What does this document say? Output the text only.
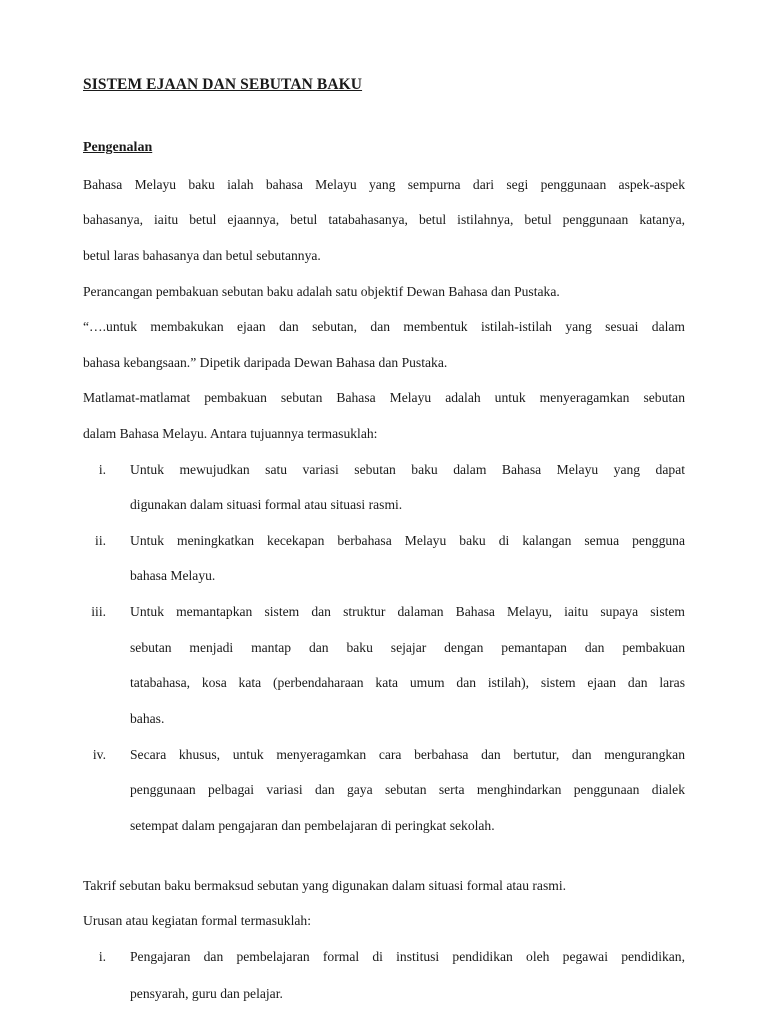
SISTEM EJAAN DAN SEBUTAN BAKU
Pengenalan
Bahasa Melayu baku ialah bahasa Melayu yang sempurna dari segi penggunaan aspek-aspek
bahasanya, iaitu betul ejaannya, betul tatabahasanya, betul istilahnya, betul penggunaan katanya,
betul laras bahasanya dan betul sebutannya.
Perancangan pembakuan sebutan baku adalah satu objektif Dewan Bahasa dan Pustaka.
“….untuk membakukan ejaan dan sebutan, dan membentuk istilah-istilah yang sesuai dalam
bahasa kebangsaan.” Dipetik daripada Dewan Bahasa dan Pustaka.
Matlamat-matlamat pembakuan sebutan Bahasa Melayu adalah untuk menyeragamkan sebutan
dalam Bahasa Melayu. Antara tujuannya termasuklah:
i. Untuk mewujudkan satu variasi sebutan baku dalam Bahasa Melayu yang dapat
digunakan dalam situasi formal atau situasi rasmi.
ii. Untuk meningkatkan kecekapan berbahasa Melayu baku di kalangan semua pengguna
bahasa Melayu.
iii. Untuk memantapkan sistem dan struktur dalaman Bahasa Melayu, iaitu supaya sistem
sebutan menjadi mantap dan baku sejajar dengan pemantapan dan pembakuan
tatabahasa, kosa kata (perbendaharaan kata umum dan istilah), sistem ejaan dan laras
bahas.
iv. Secara khusus, untuk menyeragamkan cara berbahasa dan bertutur, dan mengurangkan
penggunaan pelbagai variasi dan gaya sebutan serta menghindarkan penggunaan dialek
setempat dalam pengajaran dan pembelajaran di peringkat sekolah.
Takrif sebutan baku bermaksud sebutan yang digunakan dalam situasi formal atau rasmi.
Urusan atau kegiatan formal termasuklah:
i. Pengajaran dan pembelajaran formal di institusi pendidikan oleh pegawai pendidikan,
pensyarah, guru dan pelajar.
